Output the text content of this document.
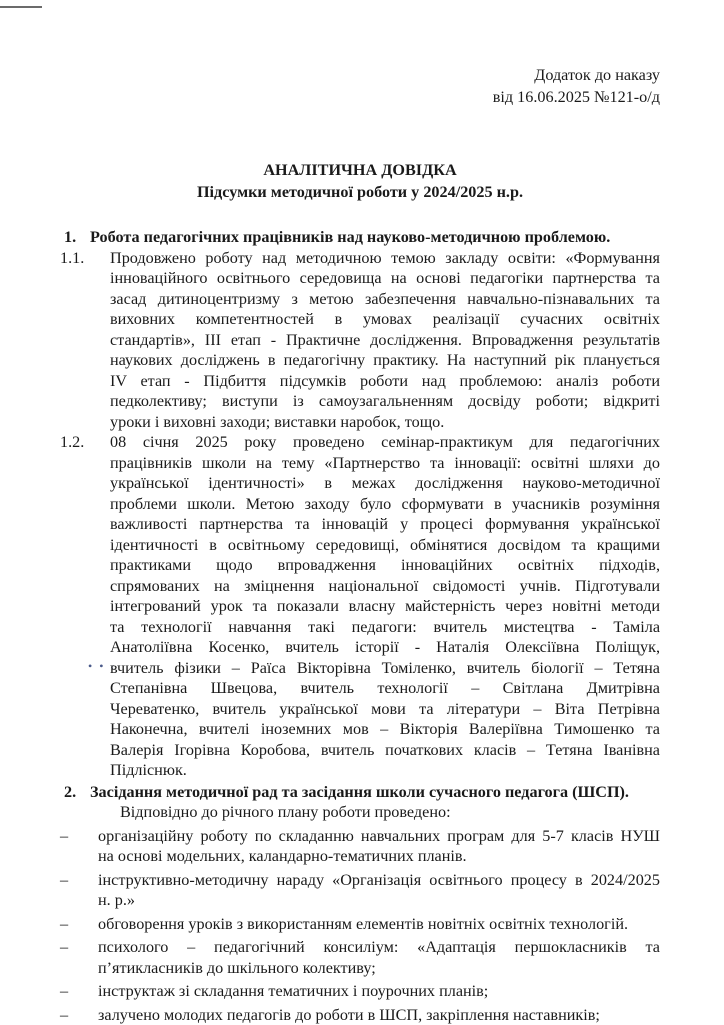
• • ‹
Додаток до наказу
від 16.06.2025 №121-о/д
АНАЛІТИЧНА ДОВІДКА
Підсумки методичної роботи у 2024/2025 н.р.
1. Робота педагогічних працівників над науково-методичною проблемою.
1.1.	Продовжено роботу над методичною темою закладу освіти: «Формування
інноваційного освітнього середовища на основі педагогіки партнерства та
засад дитиноцентризму з метою забезпечення навчально-пізнавальних та
виховних компетентностей в умовах реалізації сучасних освітніх
стандартів», ІІІ етап - Практичне дослідження. Впровадження результатів
наукових досліджень в педагогічну практику. На наступний рік планується
IV етап - Підбиття підсумків роботи над проблемою: аналіз роботи
педколективу; виступи із самоузагальненням досвіду роботи; відкриті
уроки і виховні заходи; виставки наробок, тощо.
1.2.	08 січня 2025 року проведено семінар-практикум для педагогічних
працівників школи на тему «Партнерство та інновації: освітні шляхи до
української ідентичності» в межах дослідження науково-методичної
проблеми школи. Метою заходу було сформувати в учасників розуміння
важливості партнерства та інновацій у процесі формування української
ідентичності в освітньому середовищі, обмінятися досвідом та кращими
практиками щодо впровадження інноваційних освітніх підходів,
спрямованих на зміцнення національної свідомості учнів. Підготували
інтегрований урок та показали власну майстерність через новітні методи
та технології навчання такі педагоги: вчитель мистецтва - Таміла
Анатоліївна Косенко, вчитель історії - Наталія Олексіївна Поліщук,
вчитель фізики – Раїса Вікторівна Томіленко, вчитель біології – Тетяна
Степанівна Швецова, вчитель технології – Світлана Дмитрівна
Череватенко, вчитель української мови та літератури – Віта Петрівна
Наконечна, вчителі іноземних мов – Вікторія Валеріївна Тимошенко та
Валерія Ігорівна Коробова, вчитель початкових класів – Тетяна Іванівна
Підліснюк.
2. Засідання методичної рад та засідання школи сучасного педагога (ШСП).
Відповідно до річного плану роботи проведено:
–	організаційну роботу по складанню навчальних програм для 5-7 класів НУШ
на основі модельних, каландарно-тематичних планів.
–	інструктивно-методичну нараду «Організація освітнього процесу в 2024/2025
н. р.»
–	обговорення уроків з використанням елементів новітніх освітніх технологій.
–	психолого – педагогічний консиліум: «Адаптація першокласників та
п’ятикласників до шкільного колективу;
–	інструктаж зі складання тематичних і поурочних планів;
–	залучено молодих педагогів до роботи в ШСП, закріплення наставників;
